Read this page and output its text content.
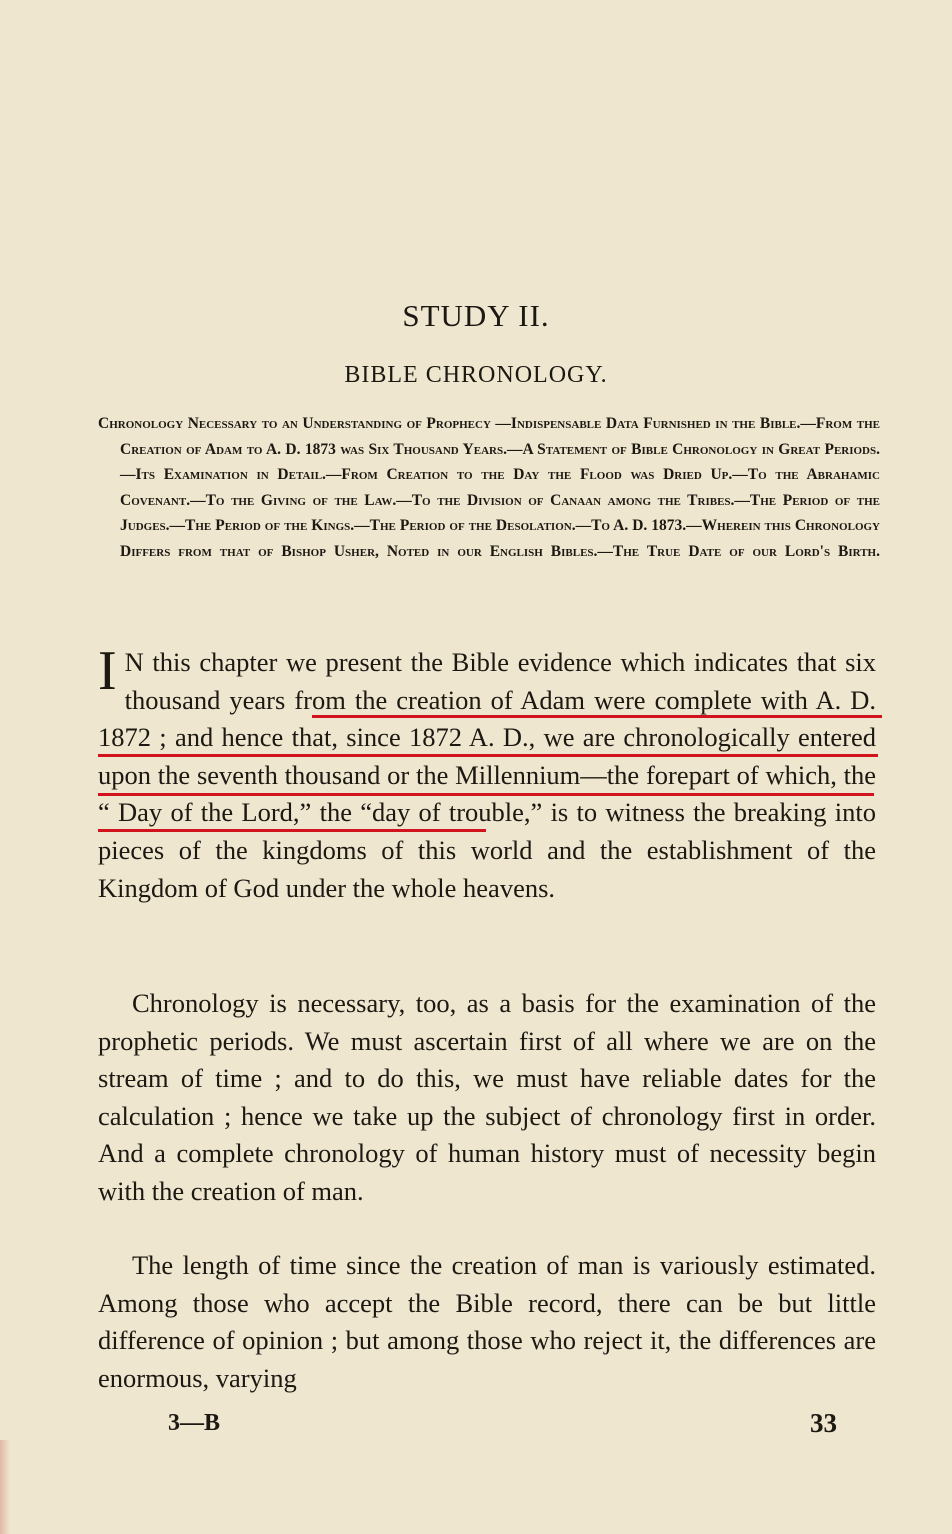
STUDY II.
BIBLE CHRONOLOGY.
Chronology Necessary to an Understanding of Prophecy —Indispensable Data Furnished in the Bible.—From the Creation of Adam to A. D. 1873 was Six Thousand Years.—A Statement of Bible Chronology in Great Periods.—Its Examination in Detail.—From Creation to the Day the Flood was Dried Up.—To the Abrahamic Covenant.—To the Giving of the Law.—To the Division of Canaan among the Tribes.—The Period of the Judges.—The Period of the Kings.—The Period of the Desolation.—To A. D. 1873.—Wherein this Chronology Differs from that of Bishop Usher, Noted in our English Bibles.—The True Date of our Lord's Birth.
I N this chapter we present the Bible evidence which indicates that six thousand years from the creation of Adam were complete with A. D. 1872 ; and hence that, since 1872 A. D., we are chronologically entered upon the seventh thousand or the Millennium—the forepart of which, the “ Day of the Lord,” the “day of trouble,” is to witness the breaking into pieces of the kingdoms of this world and the establishment of the Kingdom of God under the whole heavens.
Chronology is necessary, too, as a basis for the examination of the prophetic periods. We must ascertain first of all where we are on the stream of time ; and to do this, we must have reliable dates for the calculation ; hence we take up the subject of chronology first in order. And a complete chronology of human history must of necessity begin with the creation of man.
The length of time since the creation of man is variously estimated. Among those who accept the Bible record, there can be but little difference of opinion ; but among those who reject it, the differences are enormous, varying
3—B	33
